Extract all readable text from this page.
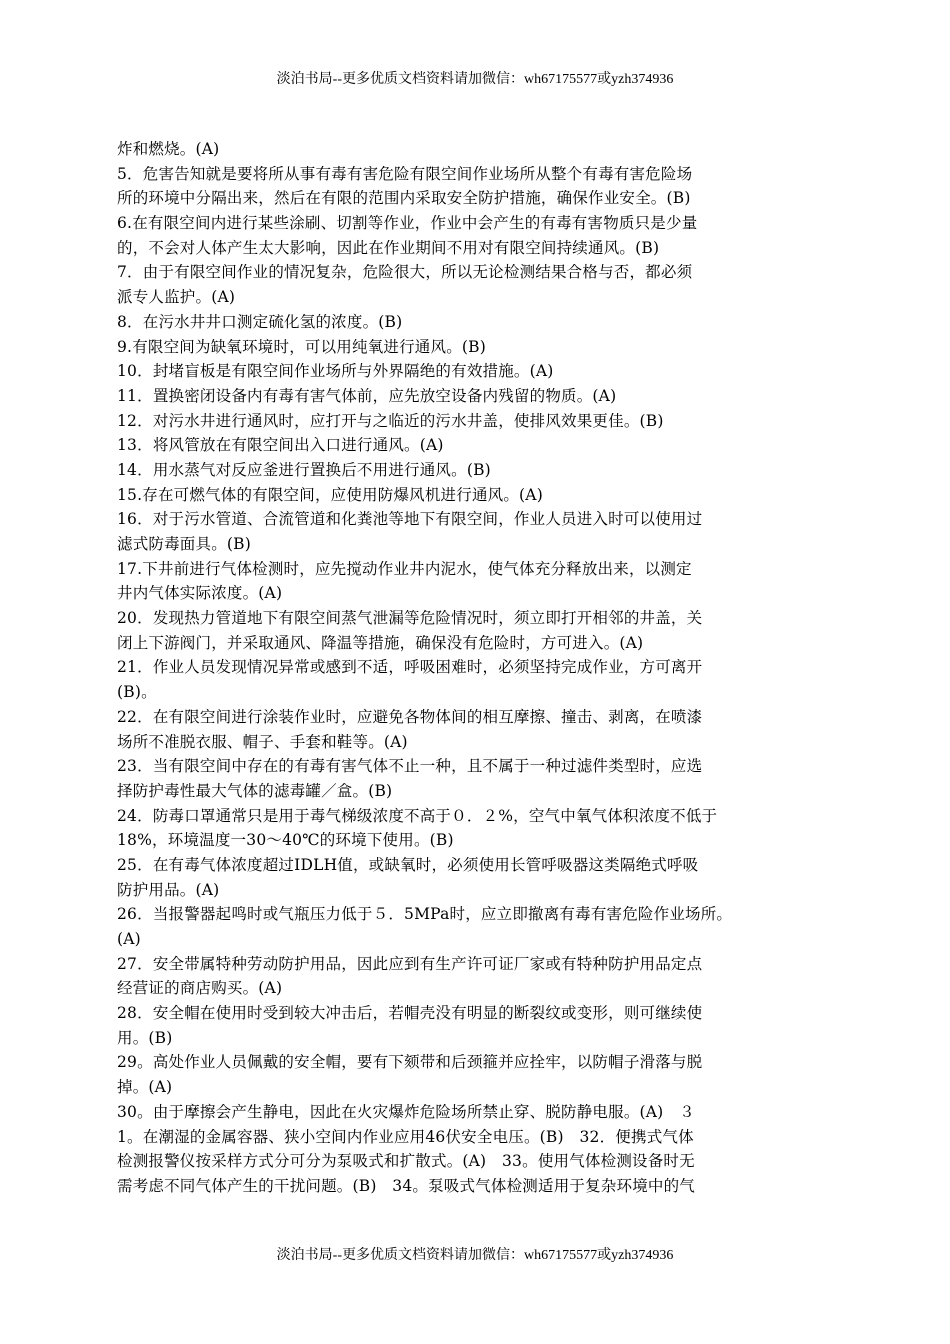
淡泊书局--更多优质文档资料请加微信：wh67175577或yzh374936
炸和燃烧。(A)
5．危害告知就是要将所从事有毒有害危险有限空间作业场所从整个有毒有害危险场
所的环境中分隔出来，然后在有限的范围内采取安全防护措施，确保作业安全。(B)
6.在有限空间内进行某些涂刷、切割等作业，作业中会产生的有毒有害物质只是少量
的，不会对人体产生太大影响，因此在作业期间不用对有限空间持续通风。(B)
7．由于有限空间作业的情况复杂，危险很大，所以无论检测结果合格与否，都必须
派专人监护。(A)
8．在污水井井口测定硫化氢的浓度。(B)
9.有限空间为缺氧环境时，可以用纯氧进行通风。(B)
10．封堵盲板是有限空间作业场所与外界隔绝的有效措施。(A)
11．置换密闭设备内有毒有害气体前，应先放空设备内残留的物质。(A)
12．对污水井进行通风时，应打开与之临近的污水井盖，使排风效果更佳。(B)
13．将风管放在有限空间出入口进行通风。(A)
14．用水蒸气对反应釜进行置换后不用进行通风。(B)
15.存在可燃气体的有限空间，应使用防爆风机进行通风。(A)
16．对于污水管道、合流管道和化粪池等地下有限空间，作业人员进入时可以使用过
滤式防毒面具。(B)
17.下井前进行气体检测时，应先搅动作业井内泥水，使气体充分释放出来，以测定
井内气体实际浓度。(A)
20．发现热力管道地下有限空间蒸气泄漏等危险情况时，须立即打开相邻的井盖，关
闭上下游阀门，并采取通风、降温等措施，确保没有危险时，方可进入。(A)
21．作业人员发现情况异常或感到不适，呼吸困难时，必须坚持完成作业，方可离开
(B)。
22．在有限空间进行涂装作业时，应避免各物体间的相互摩擦、撞击、剥离，在喷漆
场所不准脱衣服、帽子、手套和鞋等。(A)
23．当有限空间中存在的有毒有害气体不止一种，且不属于一种过滤件类型时，应选
择防护毒性最大气体的滤毒罐／盒。(B)
24．防毒口罩通常只是用于毒气梯级浓度不高于０．２%，空气中氧气体积浓度不低于
18%，环境温度一30～40℃的环境下使用。(B)
25．在有毒气体浓度超过IDLH值，或缺氧时，必须使用长管呼吸器这类隔绝式呼吸
防护用品。(A)
26．当报警器起鸣时或气瓶压力低于５．5MPa时，应立即撤离有毒有害危险作业场所。
(A)
27．安全带属特种劳动防护用品，因此应到有生产许可证厂家或有特种防护用品定点
经营证的商店购买。(A)
28．安全帽在使用时受到较大冲击后，若帽壳没有明显的断裂纹或变形，则可继续使
用。(B)
29。高处作业人员佩戴的安全帽，要有下颏带和后颈箍并应拴牢，以防帽子滑落与脱
掉。(A)
30。由于摩擦会产生静电，因此在火灾爆炸危险场所禁止穿、脱防静电服。(A)　３
1。在潮湿的金属容器、狭小空间内作业应用46伏安全电压。(B)　32．便携式气体
检测报警仪按采样方式分可分为泵吸式和扩散式。(A)　33。使用气体检测设备时无
需考虑不同气体产生的干扰问题。(B)　34。泵吸式气体检测适用于复杂环境中的气
淡泊书局--更多优质文档资料请加微信：wh67175577或yzh374936
